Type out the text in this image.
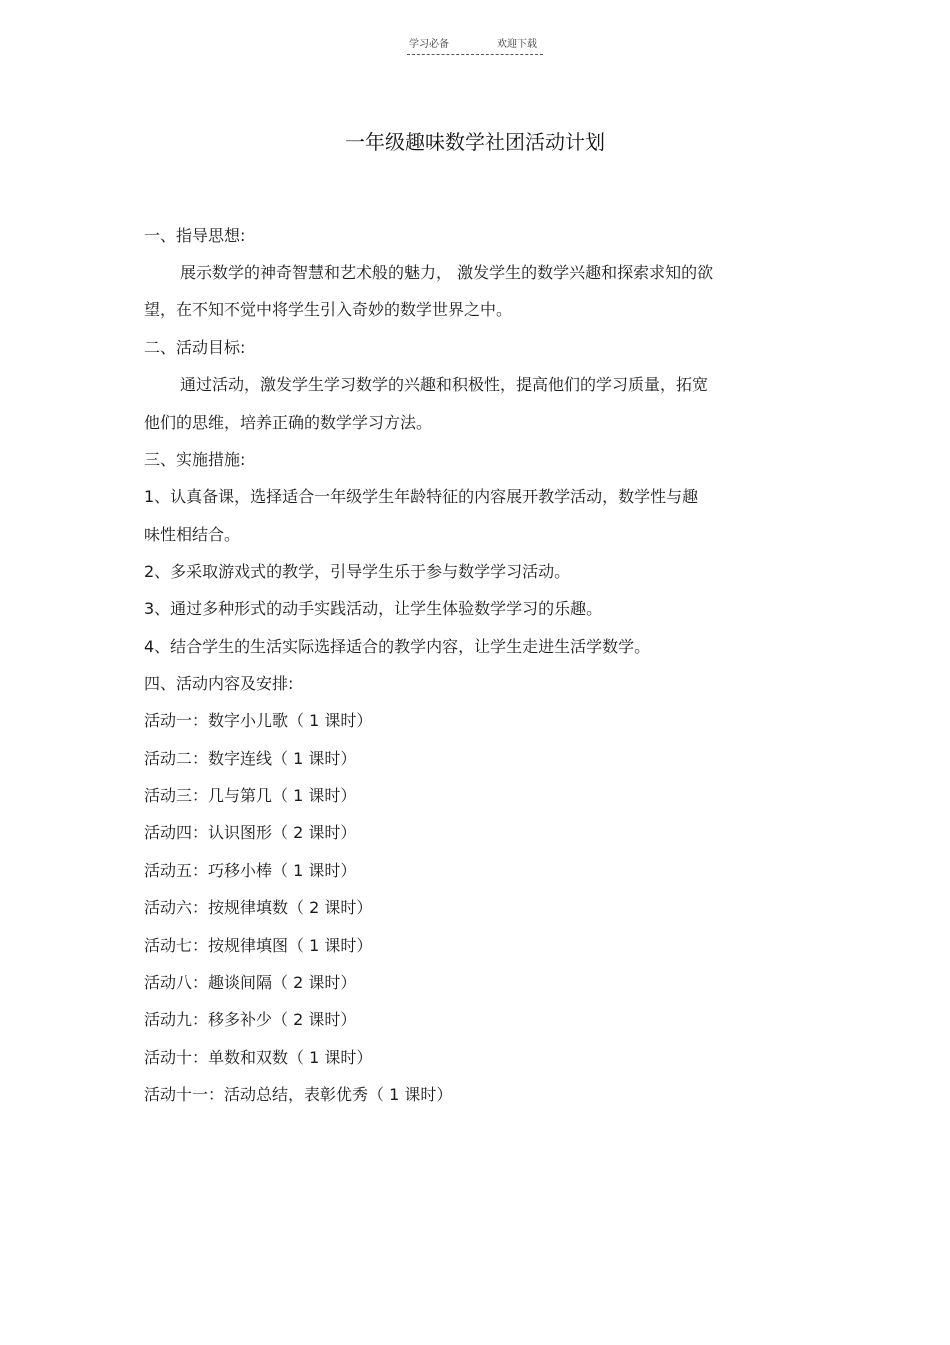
学习必备	欢迎下载
一年级趣味数学社团活动计划
一、指导思想:
展示数学的神奇智慧和艺术般的魅力， 激发学生的数学兴趣和探索求知的欲
望，在不知不觉中将学生引入奇妙的数学世界之中。
二、活动目标:
通过活动，激发学生学习数学的兴趣和积极性，提高他们的学习质量，拓宽
他们的思维，培养正确的数学学习方法。
三、实施措施:
1、认真备课，选择适合一年级学生年龄特征的内容展开教学活动，数学性与趣
味性相结合。
2、多采取游戏式的教学，引导学生乐于参与数学学习活动。
3、通过多种形式的动手实践活动，让学生体验数学学习的乐趣。
4、结合学生的生活实际选择适合的教学内容，让学生走进生活学数学。
四、活动内容及安排:
活动一：数字小儿歌（ 1 课时）
活动二：数字连线（ 1 课时）
活动三：几与第几（ 1 课时）
活动四：认识图形（ 2 课时）
活动五：巧移小棒（ 1 课时）
活动六：按规律填数（ 2 课时）
活动七：按规律填图（ 1 课时）
活动八：趣谈间隔（ 2 课时）
活动九：移多补少（ 2 课时）
活动十：单数和双数（ 1 课时）
活动十一：活动总结，表彰优秀（ 1 课时）
